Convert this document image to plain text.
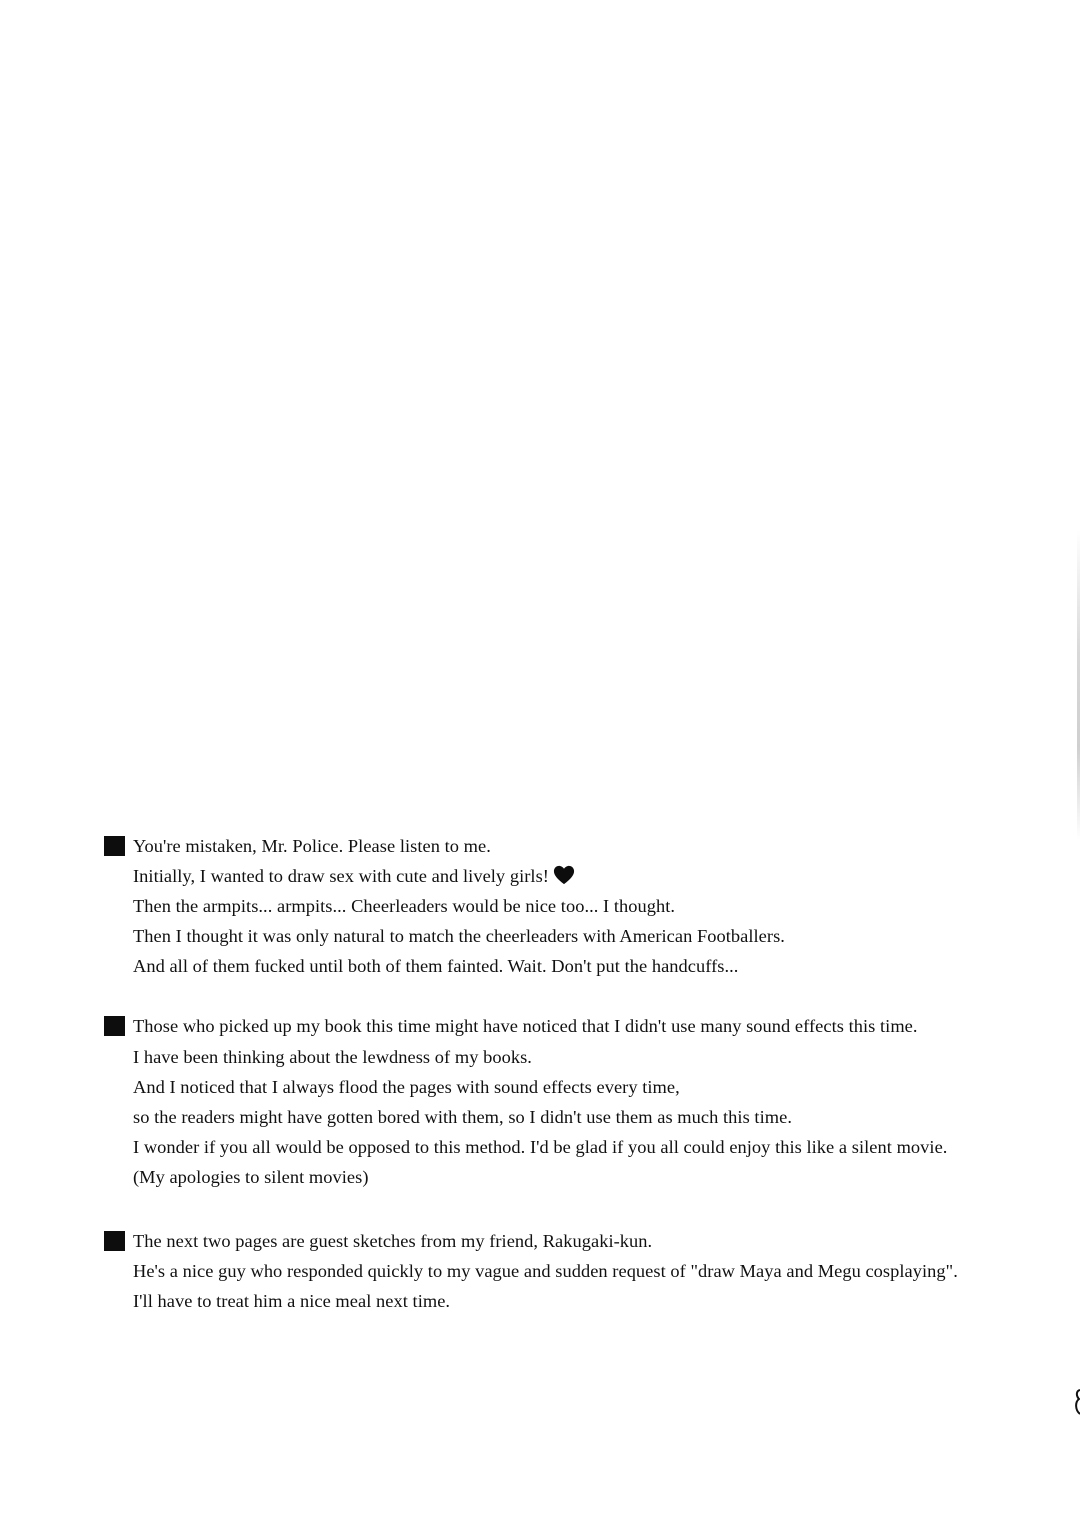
You're mistaken, Mr. Police. Please listen to me.
Initially, I wanted to draw sex with cute and lively girls!
Then the armpits... armpits... Cheerleaders would be nice too... I thought.
Then I thought it was only natural to match the cheerleaders with American Footballers.
And all of them fucked until both of them fainted. Wait. Don't put the handcuffs...
Those who picked up my book this time might have noticed that I didn't use many sound effects this time.
I have been thinking about the lewdness of my books.
And I noticed that I always flood the pages with sound effects every time,
so the readers might have gotten bored with them, so I didn't use them as much this time.
I wonder if you all would be opposed to this method. I'd be glad if you all could enjoy this like a silent movie.
(My apologies to silent movies)
The next two pages are guest sketches from my friend, Rakugaki-kun.
He's a nice guy who responded quickly to my vague and sudden request of "draw Maya and Megu cosplaying".
I'll have to treat him a nice meal next time.
